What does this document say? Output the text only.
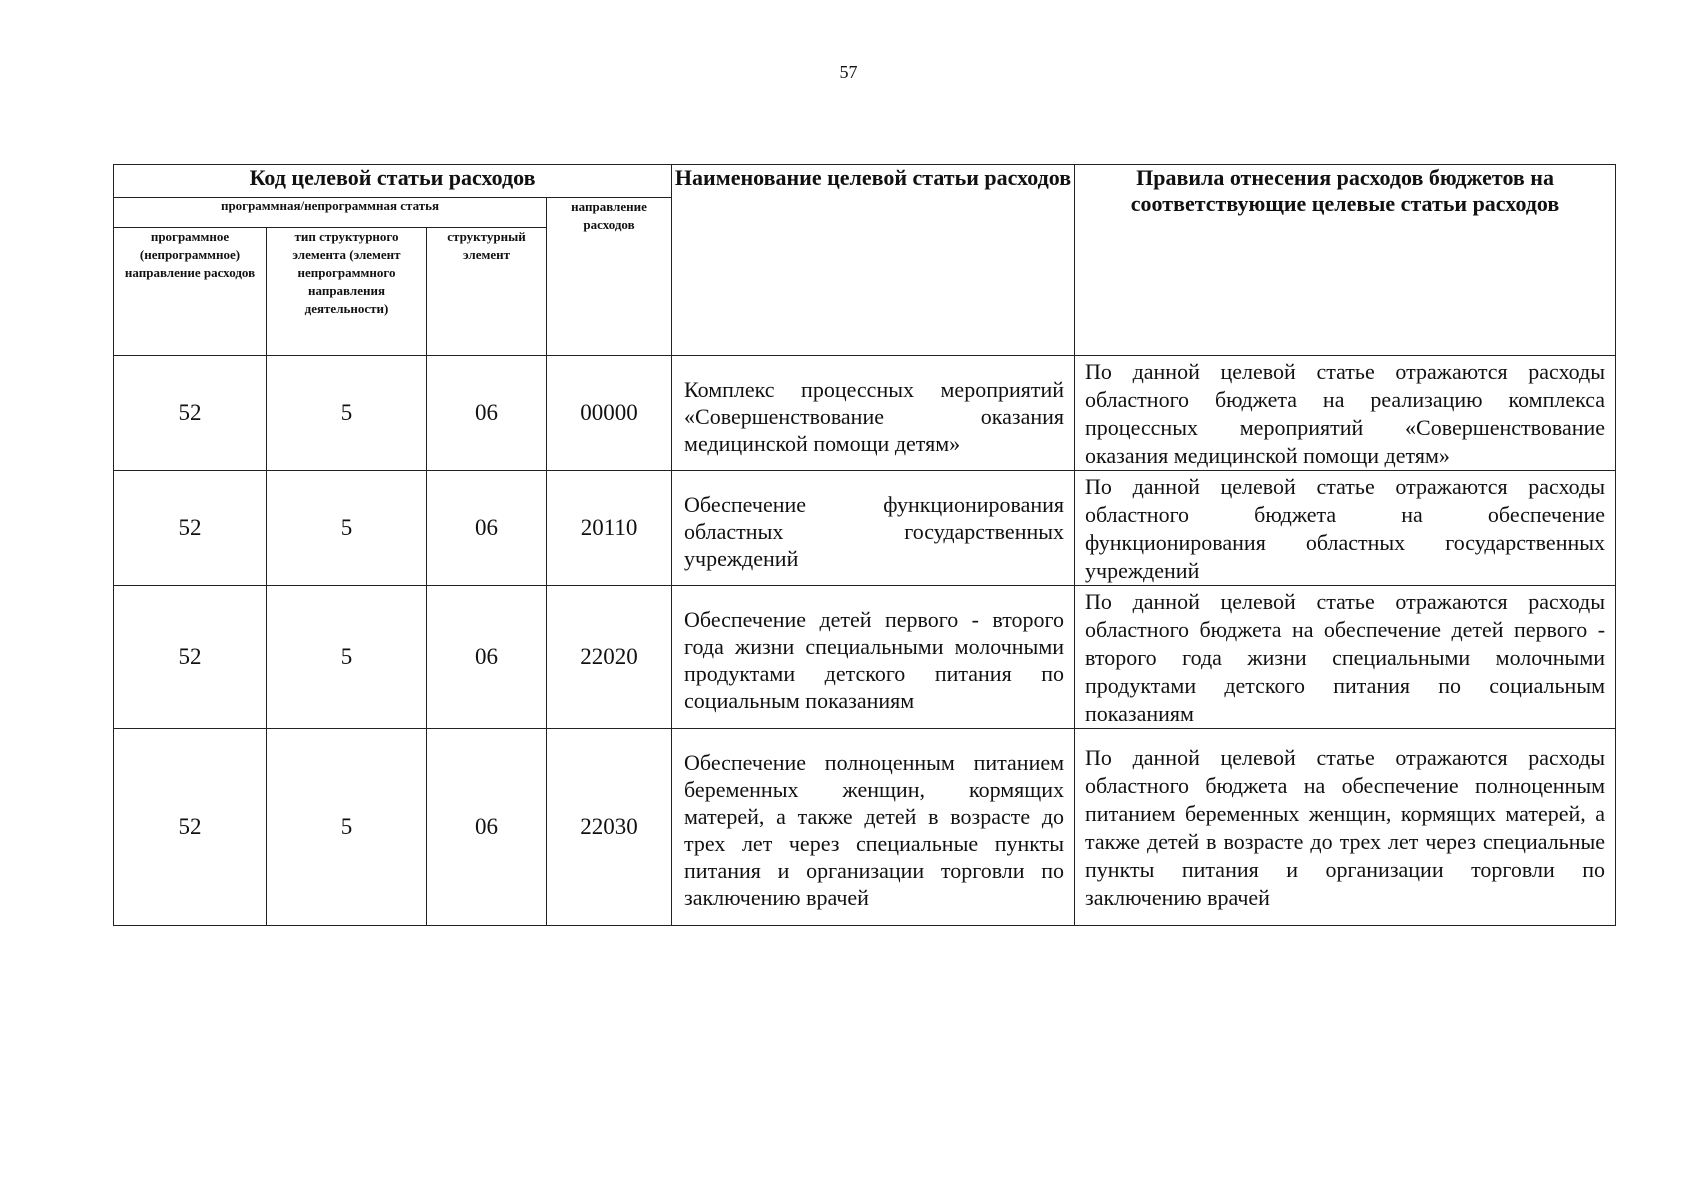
57
Код целевой статьи расходов				Наименование целевой статьи расходов	Правила отнесения расходов бюджетов на соответствующие целевые статьи расходов
программная/непрограммная статья			направление расходов		
программное (непрограммное) направление расходов	тип структурного элемента (элемент непрограммного направления деятельности)	структурный элемент			
52	5	06	00000	Комплекс процессных мероприятий «Совершенствование оказания медицинской помощи детям»	По данной целевой статье отражаются расходы областного бюджета на реализацию комплекса процессных мероприятий «Совершенствование оказания медицинской помощи детям»
52	5	06	20110	Обеспечение функционирования областных государственных учреждений	По данной целевой статье отражаются расходы областного бюджета на обеспечение функционирования областных государственных учреждений
52	5	06	22020	Обеспечение детей первого - второго года жизни специальными молочными продуктами детского питания по социальным показаниям	По данной целевой статье отражаются расходы областного бюджета на обеспечение детей первого - второго года жизни специальными молочными продуктами детского питания по социальным показаниям
52	5	06	22030	Обеспечение полноценным питанием беременных женщин, кормящих матерей, а также детей в возрасте до трех лет через специальные пункты питания и организации торговли по заключению врачей	По данной целевой статье отражаются расходы областного бюджета на обеспечение полноценным питанием беременных женщин, кормящих матерей, а также детей в возрасте до трех лет через специальные пункты питания и организации торговли по заключению врачей
